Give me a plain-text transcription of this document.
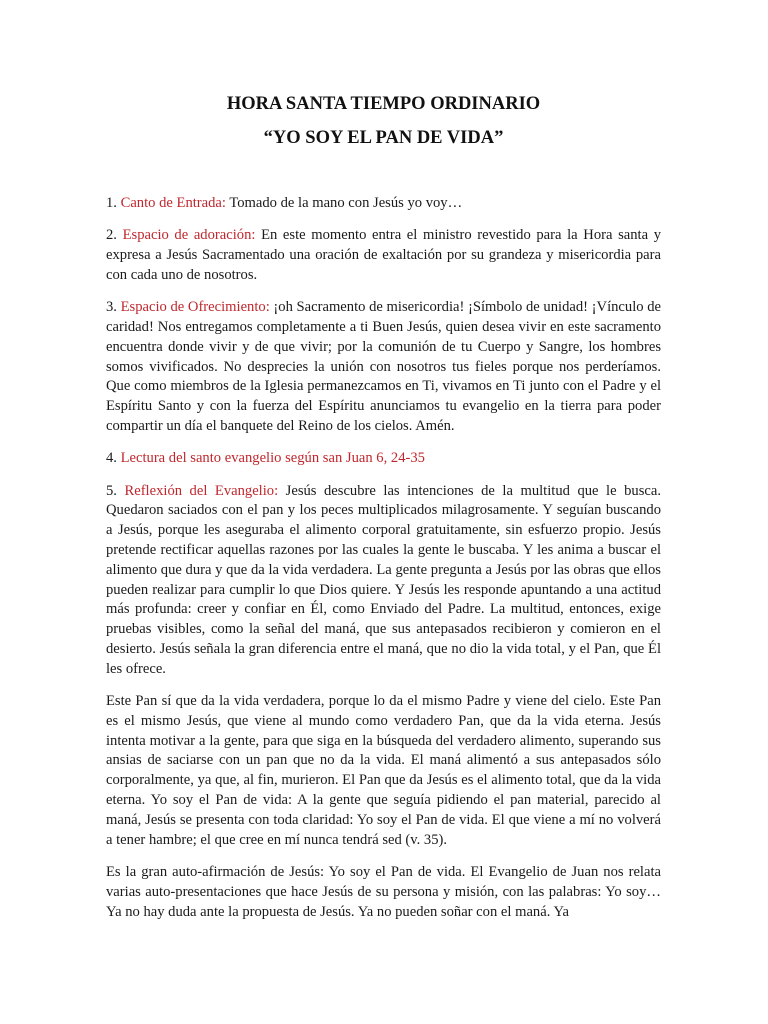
HORA SANTA TIEMPO ORDINARIO
“YO SOY EL PAN DE VIDA”

1. Canto de Entrada: Tomado de la mano con Jesús yo voy…

2. Espacio de adoración: En este momento entra el ministro revestido para la Hora santa y expresa a Jesús Sacramentado una oración de exaltación por su grandeza y misericordia para con cada uno de nosotros.

3. Espacio de Ofrecimiento: ¡oh Sacramento de misericordia! ¡Símbolo de unidad! ¡Vínculo de caridad! Nos entregamos completamente a ti Buen Jesús, quien desea vivir en este sacramento encuentra donde vivir y de que vivir; por la comunión de tu Cuerpo y Sangre, los hombres somos vivificados. No desprecies la unión con nosotros tus fieles porque nos perderíamos. Que como miembros de la Iglesia permanezcamos en Ti, vivamos en Ti junto con el Padre y el Espíritu Santo y con la fuerza del Espíritu anunciamos tu evangelio en la tierra para poder compartir un día el banquete del Reino de los cielos. Amén.

4. Lectura del santo evangelio según san Juan 6, 24-35

5. Reflexión del Evangelio: Jesús descubre las intenciones de la multitud que le busca. Quedaron saciados con el pan y los peces multiplicados milagrosamente. Y seguían buscando a Jesús, porque les aseguraba el alimento corporal gratuitamente, sin esfuerzo propio. Jesús pretende rectificar aquellas razones por las cuales la gente le buscaba. Y les anima a buscar el alimento que dura y que da la vida verdadera. La gente pregunta a Jesús por las obras que ellos pueden realizar para cumplir lo que Dios quiere. Y Jesús les responde apuntando a una actitud más profunda: creer y confiar en Él, como Enviado del Padre. La multitud, entonces, exige pruebas visibles, como la señal del maná, que sus antepasados recibieron y comieron en el desierto. Jesús señala la gran diferencia entre el maná, que no dio la vida total, y el Pan, que Él les ofrece.

Este Pan sí que da la vida verdadera, porque lo da el mismo Padre y viene del cielo. Este Pan es el mismo Jesús, que viene al mundo como verdadero Pan, que da la vida eterna. Jesús intenta motivar a la gente, para que siga en la búsqueda del verdadero alimento, superando sus ansias de saciarse con un pan que no da la vida. El maná alimentó a sus antepasados sólo corporalmente, ya que, al fin, murieron. El Pan que da Jesús es el alimento total, que da la vida eterna. Yo soy el Pan de vida: A la gente que seguía pidiendo el pan material, parecido al maná, Jesús se presenta con toda claridad: Yo soy el Pan de vida. El que viene a mí no volverá a tener hambre; el que cree en mí nunca tendrá sed (v. 35).

Es la gran auto-afirmación de Jesús: Yo soy el Pan de vida. El Evangelio de Juan nos relata varias auto-presentaciones que hace Jesús de su persona y misión, con las palabras: Yo soy… Ya no hay duda ante la propuesta de Jesús. Ya no pueden soñar con el maná. Ya
